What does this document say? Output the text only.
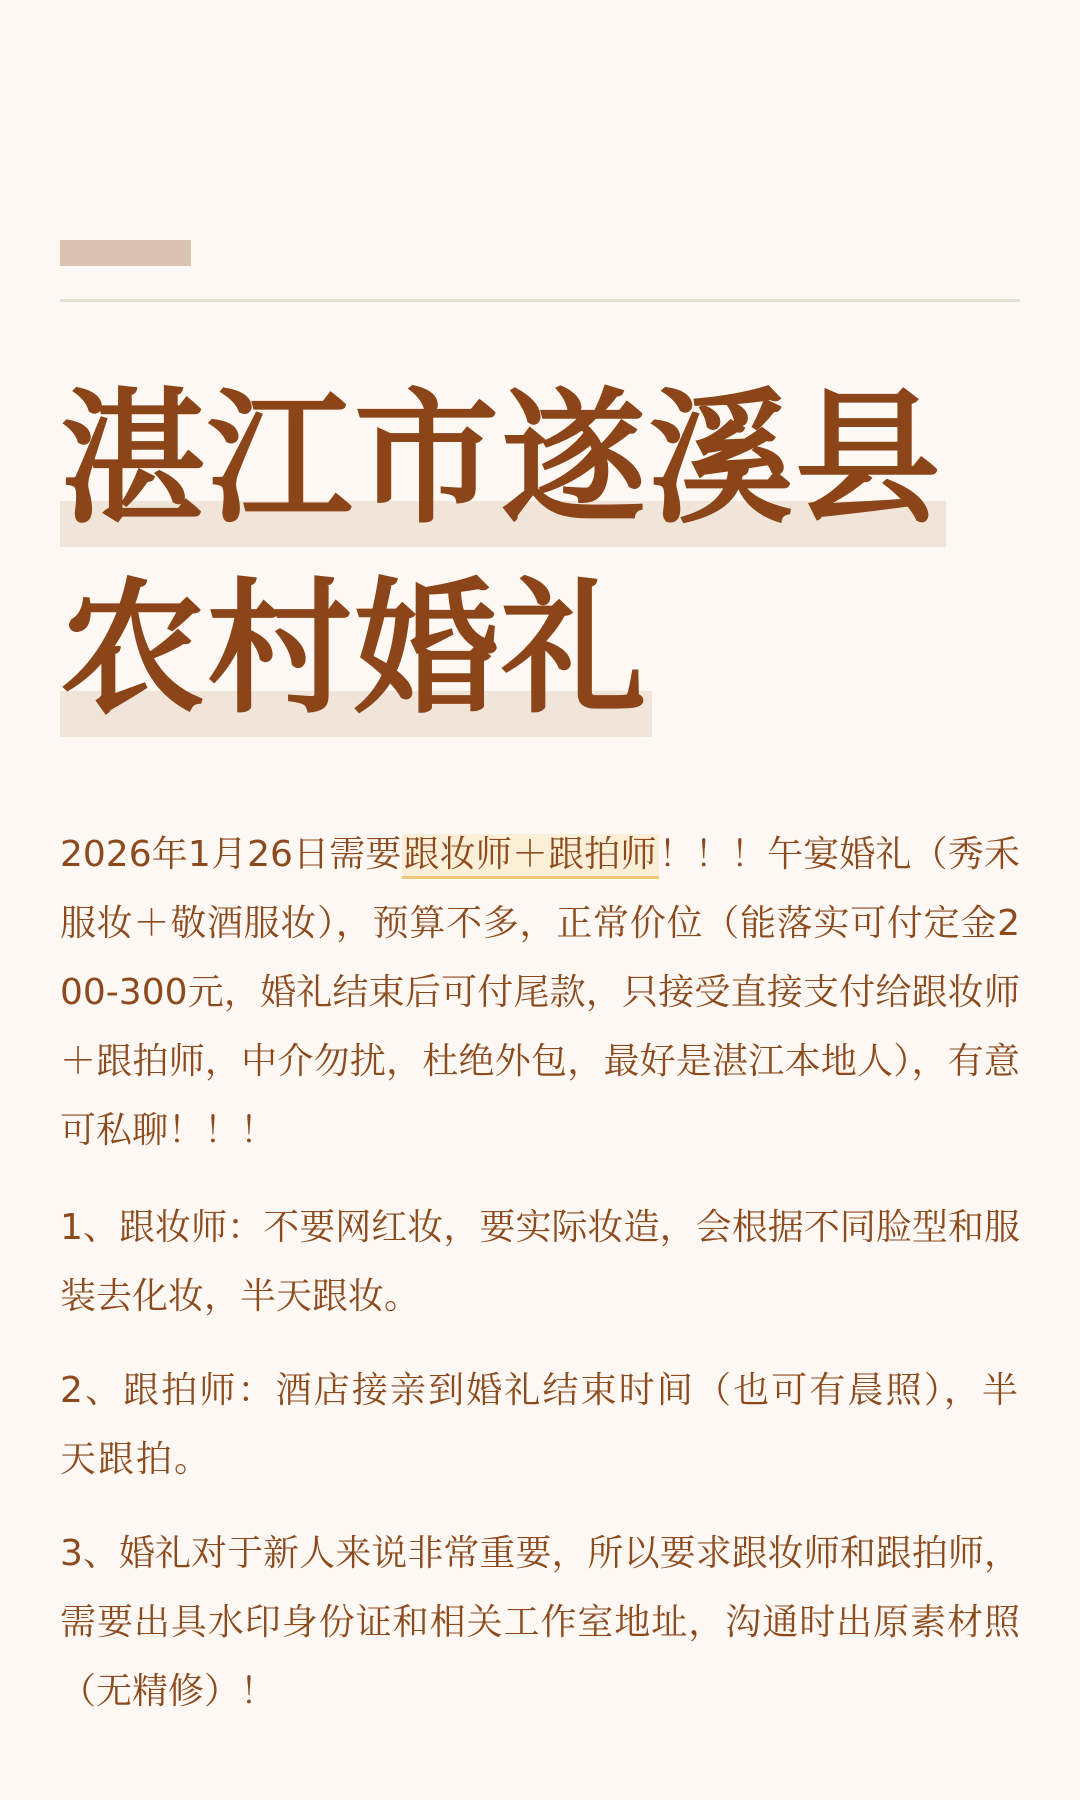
湛江市遂溪县
农村婚礼

2026年1月26日需要跟妆师＋跟拍师！！！午宴婚礼（秀禾服妆＋敬酒服妆），预算不多，正常价位（能落实可付定金200-300元，婚礼结束后可付尾款，只接受直接支付给跟妆师＋跟拍师，中介勿扰，杜绝外包，最好是湛江本地人），有意可私聊！！！

1、跟妆师：不要网红妆，要实际妆造，会根据不同脸型和服装去化妆，半天跟妆。

2、跟拍师：酒店接亲到婚礼结束时间（也可有晨照），半天跟拍。

3、婚礼对于新人来说非常重要，所以要求跟妆师和跟拍师，需要出具水印身份证和相关工作室地址，沟通时出原素材照（无精修）！
